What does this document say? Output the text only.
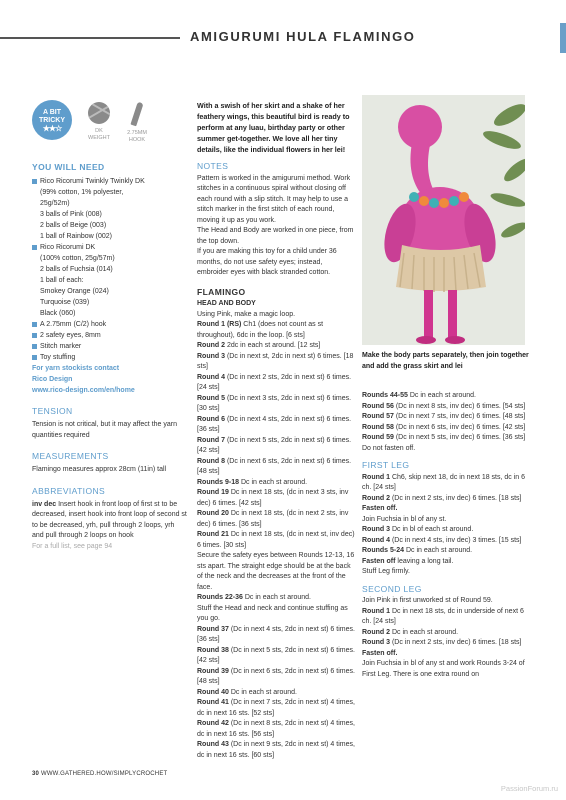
AMIGURUMI HULA FLAMINGO
A BIT
TRICKY
★★☆	DK
WEIGHT
2.75MM
HOOK
YOU WILL NEED
Rico Ricorumi Twinkly Twinkly DK
(99% cotton, 1% polyester,
25g/52m)
3 balls of Pink (008)
2 balls of Beige (003)
1 ball of Rainbow (002)
Rico Ricorumi DK
(100% cotton, 25g/57m)
2 balls of Fuchsia (014)
1 ball of each:
Smokey Orange (024)
Turquoise (039)
Black (060)
A 2.75mm (C/2) hook
2 safety eyes, 8mm
Stitch marker
Toy stuffing
For yarn stockists contact
Rico Design
www.rico-design.com/en/home
TENSION
Tension is not critical, but it may affect the yarn quantities required
MEASUREMENTS
Flamingo measures approx 28cm (11in) tall
ABBREVIATIONS
inv dec Insert hook in front loop of first st to be decreased, insert hook into front loop of second st to be decreased, yrh, pull through 2 loops, yrh and pull through 2 loops on hook
For a full list, see page 94

With a swish of her skirt and a shake of her feathery wings, this beautiful bird is ready to perform at any luau, birthday party or other summer get-together. We love all her tiny details, like the individual flowers in her lei!

NOTES

Pattern is worked in the amigurumi method. Work stitches in a continuous spiral without closing off each round with a slip stitch. It may help to use a stitch marker in the first stitch of each round, moving it up as you work.

The Head and Body are worked in one piece, from the top down.

If you are making this toy for a child under 36 months, do not use safety eyes; instead, embroider eyes with black stranded cotton.

FLAMINGO
HEAD AND BODY

Using Pink, make a magic loop.

Round 1 (RS) Ch1 (does not count as st throughout), 6dc in the loop. [6 sts]

Round 2 2dc in each st around. [12 sts]

Round 3 (Dc in next st, 2dc in next st) 6 times. [18 sts]

Round 4 (Dc in next 2 sts, 2dc in next st) 6 times. [24 sts]

Round 5 (Dc in next 3 sts, 2dc in next st) 6 times. [30 sts]

Round 6 (Dc in next 4 sts, 2dc in next st) 6 times. [36 sts]

Round 7 (Dc in next 5 sts, 2dc in next st) 6 times. [42 sts]

Round 8 (Dc in next 6 sts, 2dc in next st) 6 times. [48 sts]

Rounds 9-18 Dc in each st around.

Round 19 Dc in next 18 sts, (dc in next 3 sts, inv dec) 6 times. [42 sts]

Round 20 Dc in next 18 sts, (dc in next 2 sts, inv dec) 6 times. [36 sts]

Round 21 Dc in next 18 sts, (dc in next st, inv dec) 6 times. [30 sts]

Secure the safety eyes between Rounds 12-13, 16 sts apart. The straight edge should be at the back of the neck and the decreases at the front of the face.

Rounds 22-36 Dc in each st around.

Stuff the Head and neck and continue stuffing as you go.

Round 37 (Dc in next 4 sts, 2dc in next st) 6 times. [36 sts]

Round 38 (Dc in next 5 sts, 2dc in next st) 6 times. [42 sts]

Round 39 (Dc in next 6 sts, 2dc in next st) 6 times. [48 sts]

Round 40 Dc in each st around.

Round 41 (Dc in next 7 sts, 2dc in next st) 4 times, dc in next 16 sts. [52 sts]

Round 42 (Dc in next 8 sts, 2dc in next st) 4 times, dc in next 16 sts. [56 sts]

Round 43 (Dc in next 9 sts, 2dc in next st) 4 times, dc in next 16 sts. [60 sts]

Make the body parts separately, then join together and add the grass skirt and lei

Rounds 44-55 Dc in each st around.

Round 56 (Dc in next 8 sts, inv dec) 6 times. [54 sts]

Round 57 (Dc in next 7 sts, inv dec) 6 times. [48 sts]

Round 58 (Dc in next 6 sts, inv dec) 6 times. [42 sts]

Round 59 (Dc in next 5 sts, inv dec) 6 times. [36 sts]

Do not fasten off.

FIRST LEG

Round 1 Ch6, skip next 18, dc in next 18 sts, dc in 6 ch. [24 sts]

Round 2 (Dc in next 2 sts, inv dec) 6 times. [18 sts]

Fasten off.

Join Fuchsia in bl of any st.

Round 3 Dc in bl of each st around.

Round 4 (Dc in next 4 sts, inv dec) 3 times. [15 sts]

Rounds 5-24 Dc in each st around.

Fasten off leaving a long tail.

Stuff Leg firmly.

SECOND LEG

Join Pink in first unworked st of Round 59.

Round 1 Dc in next 18 sts, dc in underside of next 6 ch. [24 sts]

Round 2 Dc in each st around.

Round 3 (Dc in next 2 sts, inv dec) 6 times. [18 sts]

Fasten off.

Join Fuchsia in bl of any st and work Rounds 3-24 of First Leg. There is one extra round on

30 WWW.GATHERED.HOW/SIMPLYCROCHET
PassionForum.ru
